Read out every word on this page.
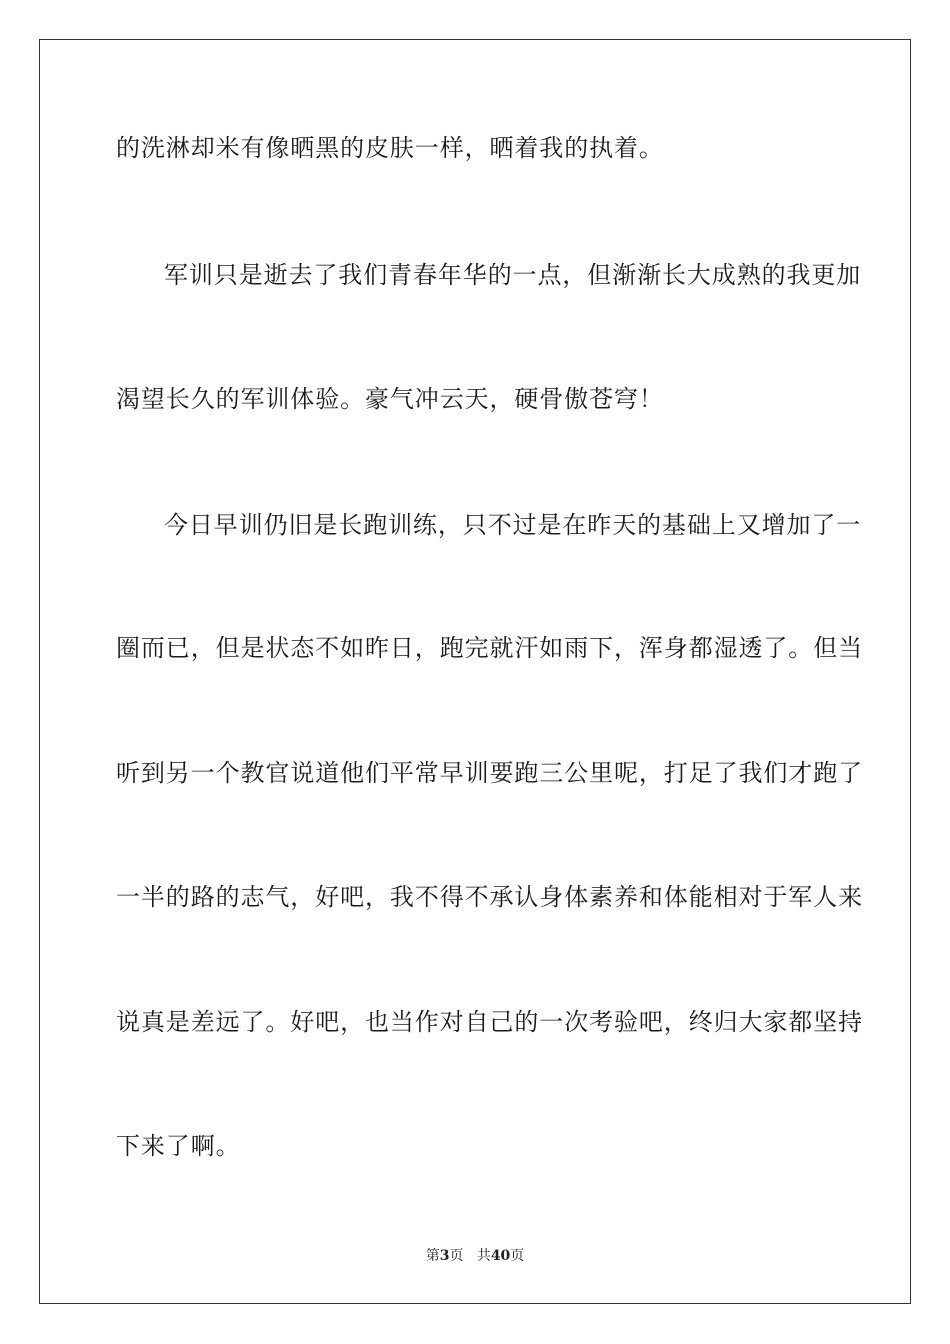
的洗淋却米有像晒黑的皮肤一样，晒着我的执着。
军训只是逝去了我们青春年华的一点，但渐渐长大成熟的我更加
渴望长久的军训体验。豪气冲云天，硬骨傲苍穹！
今日早训仍旧是长跑训练，只不过是在昨天的基础上又增加了一
圈而已，但是状态不如昨日，跑完就汗如雨下，浑身都湿透了。但当
听到另一个教官说道他们平常早训要跑三公里呢，打足了我们才跑了
一半的路的志气，好吧，我不得不承认身体素养和体能相对于军人来
说真是差远了。好吧，也当作对自己的一次考验吧，终归大家都坚持
下来了啊。
第3页 共40页
